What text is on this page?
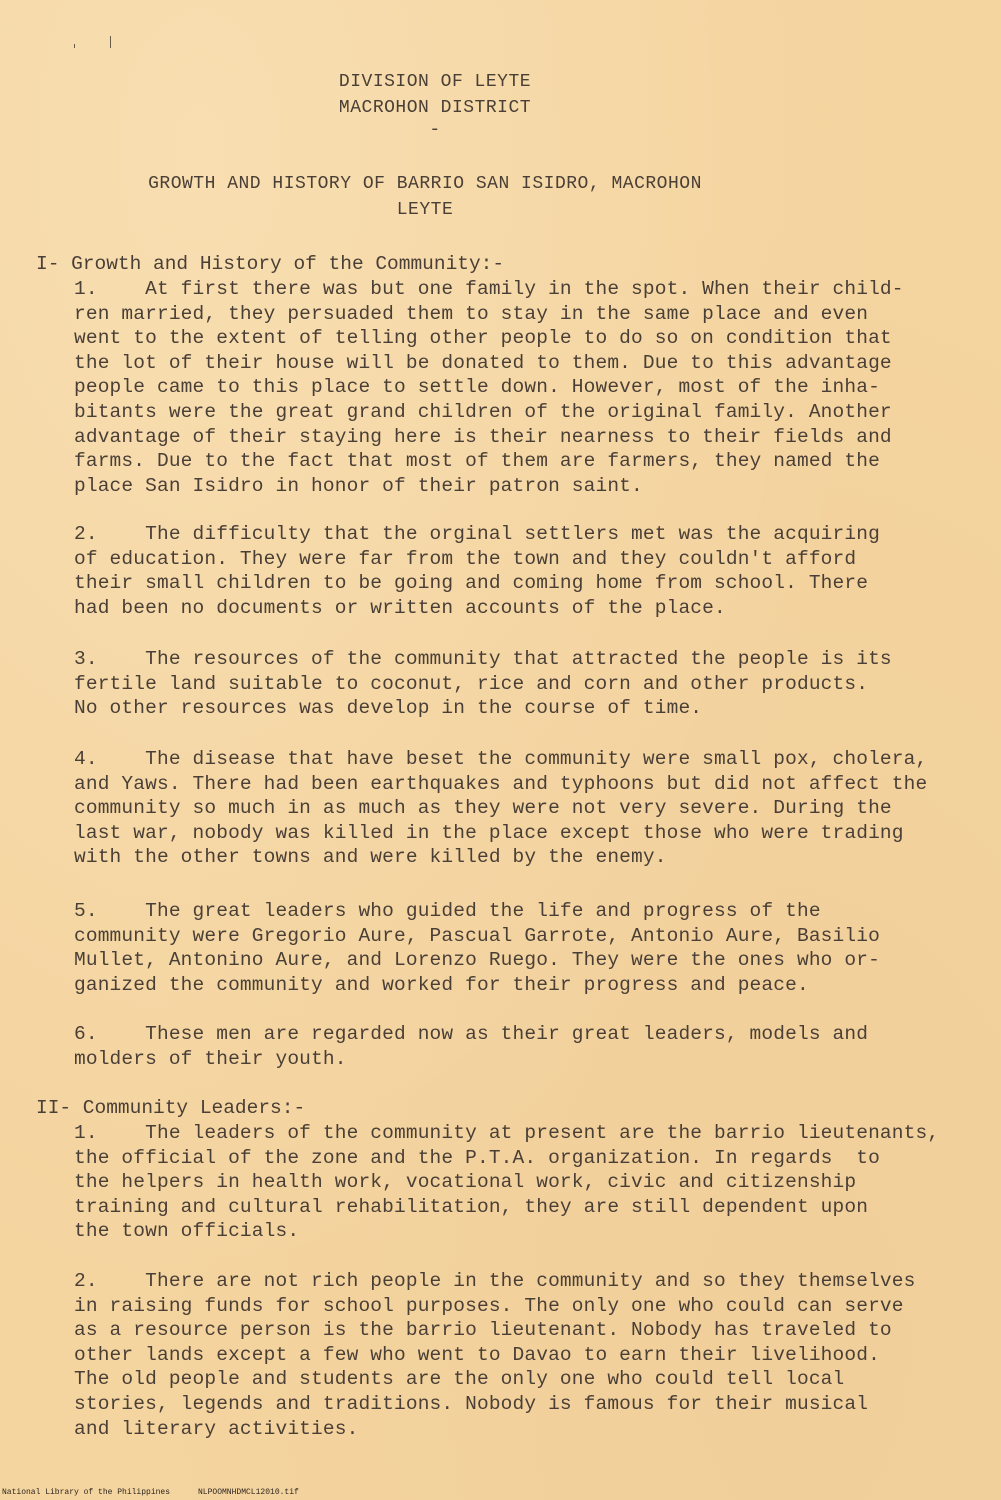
DIVISION OF LEYTE
MACROHON DISTRICT
-
GROWTH AND HISTORY OF BARRIO SAN ISIDRO, MACROHON
LEYTE
I- Growth and History of the Community:-
1.    At first there was but one family in the spot. When their child-
ren married, they persuaded them to stay in the same place and even
went to the extent of telling other people to do so on condition that
the lot of their house will be donated to them. Due to this advantage
people came to this place to settle down. However, most of the inha-
bitants were the great grand children of the original family. Another
advantage of their staying here is their nearness to their fields and
farms. Due to the fact that most of them are farmers, they named the
place San Isidro in honor of their patron saint.
2.    The difficulty that the orginal settlers met was the acquiring
of education. They were far from the town and they couldn't afford
their small children to be going and coming home from school. There
had been no documents or written accounts of the place.
3.    The resources of the community that attracted the people is its
fertile land suitable to coconut, rice and corn and other products.
No other resources was develop in the course of time.
4.    The disease that have beset the community were small pox, cholera,
and Yaws. There had been earthquakes and typhoons but did not affect the
community so much in as much as they were not very severe. During the
last war, nobody was killed in the place except those who were trading
with the other towns and were killed by the enemy.
5.    The great leaders who guided the life and progress of the
community were Gregorio Aure, Pascual Garrote, Antonio Aure, Basilio
Mullet, Antonino Aure, and Lorenzo Ruego. They were the ones who or-
ganized the community and worked for their progress and peace.
6.    These men are regarded now as their great leaders, models and
molders of their youth.
II- Community Leaders:-
1.    The leaders of the community at present are the barrio lieutenants,
the official of the zone and the P.T.A. organization. In regards  to
the helpers in health work, vocational work, civic and citizenship
training and cultural rehabilitation, they are still dependent upon
the town officials.
2.    There are not rich people in the community and so they themselves
in raising funds for school purposes. The only one who could can serve
as a resource person is the barrio lieutenant. Nobody has traveled to
other lands except a few who went to Davao to earn their livelihood.
The old people and students are the only one who could tell local
stories, legends and traditions. Nobody is famous for their musical
and literary activities.
National Library of the Philippines	NLPOOMNHDMCL12010.tif
